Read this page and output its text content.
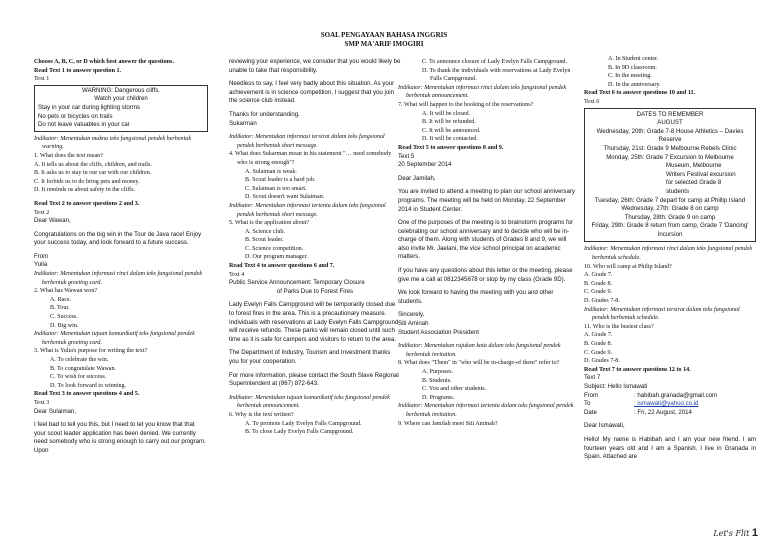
SOAL PENGAYAAN BAHASA INGGRIS
SMP MA'ARIF IMOGIRI
Choose A, B, C, or D which best answer the questions.
Read Text 1 to answer question 1.
Text 1
WARNING: Dangerous cliffs.
Watch your children
Stay in your car during lighting storms
No pets or bicycles on trails
Do not leave valuables in your car
Indikator: Menentukan makna teks fungsional pendek berbentuk warning.
1. What does the text mean?
A. It tells us about the cliffs, children, and trails.
B. It asks us to stay in our car with our children.
C. It forbids us to do bring pets and money.
D. It reminds us about safety in the cliffs.
Read Text 2 to answer questions 2 and 3.
Text 2
Dear Wawan,
Congratulations on the big win in the Tour de Java race! Enjoy your success today, and look forward to a future success.
From
Yulia
Indikator: Menentukan informasi rinci dalam teks fungsional pendek berbentuk greeting card.
2. What has Wawan won?
A. Race.
B. Tour.
C. Success.
D. Big win.
Indikator: Menentukan tujuan komunikatif teks fungsional pendek berbentuk greeting card.
3. What is Yulia's purpose for writing the text?
A. To celebrate the win.
B. To congratulate Wawan.
C. To wish for success.
D. To look forward to winning.
Read Text 3 to answer questions 4 and 5.
Text 3
Dear Sulaiman,
I feel bad to tell you this, but I need to let you know that that your scout leader application has been denied. We currently need somebody who is strong enough to carry out our program. Upon
reviewing your experience, we consider that you would likely be unable to take that responsibility.
Needless to say, I feel very badly about this situation. As your achievement is in science competition, I suggest that you join the science club instead.
Thanks for understanding.
Sukarman
Indikator: Menentukan informasi tersirat dalam teks fungsional pendek berbentuk short message.
4. What does Sukarman mean in his statement "… need somebody who is strong enough"?
A. Sulaiman is weak.
B. Scout leader is a hard job.
C. Sulaiman is too smart.
D. Scout doesn't want Sulaiman.
Indikator: Menentukan informasi tertentu dalam teks fungsional pendek berbentuk short message.
5. What is the application about?
A. Science club.
B. Scout leader.
C. Science competition.
D. Our program manager.
Read Text 4 to answer questions 6 and 7.
Text 4
Public Service Announcement: Temporary Closure
of Parks Due to Forest Fires
Lady Evelyn Falls Campground will be temporarily closed due to forest fires in the area. This is a precautionary measure. Individuals with reservations at Lady Evelyn Falls Campground will receive refunds. These parks will remain closed until such time as it is safe for campers and visitors to return to the area.
The Department of Industry, Tourism and Investment thanks you for your cooperation.
For more information, please contact the South Slave Regional Superintendent at (867) 872-643.
Indikator: Menentukan tujuan komunikatif teks fungsional pendek berbentuk announcement.
6. Why is the text written?
A. To promote Lady Evelyn Falls Campground.
B. To close Lady Evelyn Falls Campground.
C. To announce closure of Lady Evelyn Falls Campground.
D. To thank the individuals with reservations at Lady Evelyn Falls Campground.
Indikator: Menentukan informasi rinci dalam teks fungsional pendek berbentuk announcement.
7. What will happen to the booking of the reservations?
A. It will be closed.
B. It will be refunded.
C. It will be announced.
D. It will be contacted.
Read Text 5 to answer questions 8 and 9.
Text 5
20 September 2014
Dear Jamilah,
You are invited to attend a meeting to plan our school anniversary programs. The meeting will be held on Monday, 22 September 2014 in Student Center.
One of the purposes of the meeting is to brainstorm programs for celebrating our school anniversary and to decide who will be in-charge of them. Along with students of Grades 8 and 9, we will also invite Mr. Jaelani, the vice school principal on academic matters.
If you have any questions about this letter or the meeting, please give me a call at 0812345678 or stop by my class (Grade 9D).
We look forward to having the meeting with you and other students.
Sincerely,
Siti Aminah
Student Association President
Indikator: Menentukan rujukan kata dalam teks fungsional pendek berbentuk invitation.
8. What does "Them" in "who will be in-charge-of them" refer to?
A. Purposes.
B. Students.
C. You and other students.
D. Programs.
Indikator: Menentukan informasi tertentu dalam teks fungsional pendek berbentuk invitation.
9. Where can Jamilah meet Siti Aminah?
A. In Student center.
B. In 9D classroom.
C. In the meeting.
D. In the anniversary.
Read Text 6 to answer questions 10 and 11.
Text 6
DATES TO REMEMBER
AUGUST
Wednesday, 20th: Grade 7-8 House Athletics – Davies Reserve
Thursday, 21st: Grade 9 Melbourne Rebels Clinic
Monday, 25th: Grade 7 Excursion to Melbourne
Museum, Melbourne
Writers Festival excursion
for selected Grade 8
students
Tuesday, 26th: Grade 7 depart for camp at Phillip Island
Wednesday, 27th: Grade 8 on camp
Thursday, 28th: Grade 9 on camp
Friday, 29th: Grade 8 return from camp, Grade 7 'Dancing' Incursion
Indikator: Menentukan informasi rinci dalam teks fungsional pendek berbentuk schedule.
10. Who will camp at Philip Island?
A. Grade 7.
B. Grade 8.
C. Grade 9.
D. Grades 7-8.
Indikator: Menentukan informasi tersirat dalam teks fungsional pendek berbentuk schedule.
11. Who is the busiest class?
A. Grade 7.
B. Grade 8.
C. Grade 9.
D. Grades 7-8.
Read Text 7 to answer questions 12 to 14.
Text 7
Subject: Hello Ismawati
From	: habibah.granada@gmail.com
To	: ismawati@yahoo.co.id
Date	: Fri, 22 August, 2014
Dear Ismawati,
Hello! My name is Habibah and I am your new friend. I am fourteen years old and I am a Spanish. I live in Granada in Spain. Attached are
Let's Flit 1
